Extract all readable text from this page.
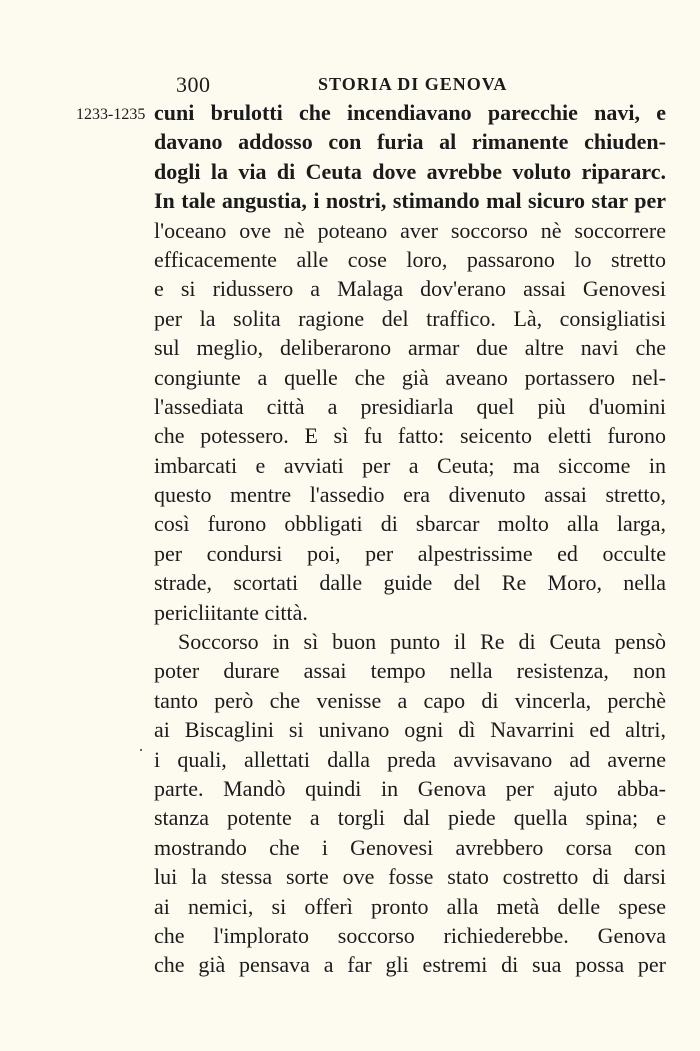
300	STORIA DI GENOVA
1233-1235 cuni brulotti che incendiavano parecchie navi, e
davano addosso con furia al rimanente chiuden-
dogli la via di Ceuta dove avrebbe voluto ripararc.
In tale angustia, i nostri, stimando mal sicuro star per
l'oceano ove nè poteano aver soccorso nè soccorrere
efficacemente alle cose loro, passarono lo stretto
e si ridussero a Malaga dov'erano assai Genovesi
per la solita ragione del traffico. Là, consigliatisi
sul meglio, deliberarono armar due altre navi che
congiunte a quelle che già aveano portassero nel-
l'assediata città a presidiarla quel più d'uomini
che potessero. E sì fu fatto: seicento eletti furono
imbarcati e avviati per a Ceuta; ma siccome in
questo mentre l'assedio era divenuto assai stretto,
così furono obbligati di sbarcar molto alla larga,
per condursi poi, per alpestrissime ed occulte
strade, scortati dalle guide del Re Moro, nella
pericliitante città.
Soccorso in sì buon punto il Re di Ceuta pensò
poter durare assai tempo nella resistenza, non
tanto però che venisse a capo di vincerla, perchè
ai Biscaglini si univano ogni dì Navarrini ed altri,
i quali, allettati dalla preda avvisavano ad averne
parte. Mandò quindi in Genova per ajuto abba-
stanza potente a torgli dal piede quella spina; e
mostrando che i Genovesi avrebbero corsa con
lui la stessa sorte ove fosse stato costretto di darsi
ai nemici, si offerì pronto alla metà delle spese
che l'implorato soccorso richiederebbe. Genova
che già pensava a far gli estremi di sua possa per
